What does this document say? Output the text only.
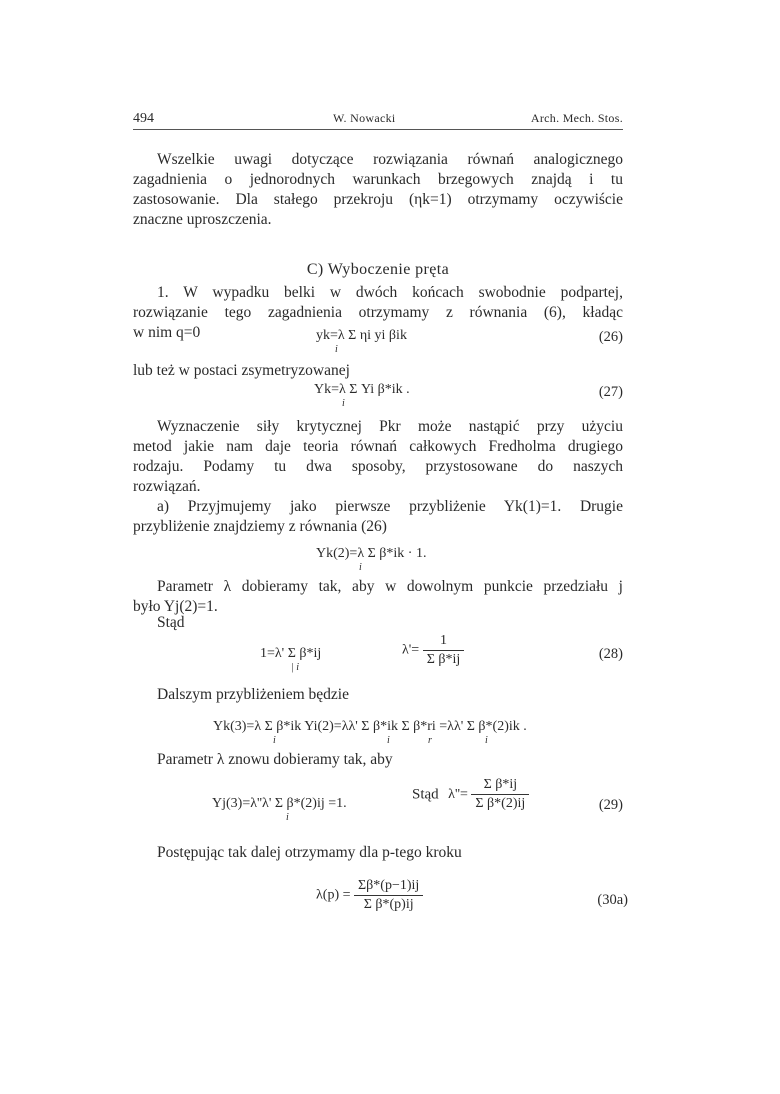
494	W. Nowacki	Arch. Mech. Stos.
Wszelkie uwagi dotyczące rozwiązania równań analogicznego
zagadnienia o jednorodnych warunkach brzegowych znajdą i tu
zastosowanie. Dla stałego przekroju (ηk=1) otrzymamy oczywiście
znaczne uproszczenia.
C) Wyboczenie pręta
1. W wypadku belki w dwóch końcach swobodnie podpartej,
rozwiązanie tego zagadnienia otrzymamy z równania (6), kładąc
w nim q=0	yk=λ Σ ηi yi βik
i
(26)
lub też w postaci zsymetryzowanej
Yk=λ Σ Yi β*ik .
i
(27)
Wyznaczenie siły krytycznej Pkr może nastąpić przy użyciu
metod jakie nam daje teoria równań całkowych Fredholma drugiego
rodzaju. Podamy tu dwa sposoby, przystosowane do naszych
rozwiązań.
a) Przyjmujemy jako pierwsze przybliżenie Yk(1)=1. Drugie
przybliżenie znajdziemy z równania (26)
Yk(2)=λ Σ β*ik · 1.
i
Parametr λ dobieramy tak, aby w dowolnym punkcie przedziału j
było Yj(2)=1.
Stąd
1=λ' Σ β*ij
| i
$\lambda'= \frac{1}{\text{Σ β*ij}}$	(28)
Dalszym przybliżeniem będzie
Yk(3)=λ Σ β*ik Yi(2)=λλ' Σ β*ik Σ β*ri =λλ' Σ β*(2)ik .
i	i	r	i
Parametr λ znowu dobieramy tak, aby
Yj(3)=λ''λ' Σ β*(2)ij =1.
i
Stąd $\lambda''= \frac{\text{Σ β*ij}}{\text{Σ β*(2)ij}}$	(29)
Postępując tak dalej otrzymamy dla p-tego kroku
$\lambda(p) = \frac{\Sigma\beta*(p-1)ij}{\text{Σ β*(p)ij}}$	(30a)
